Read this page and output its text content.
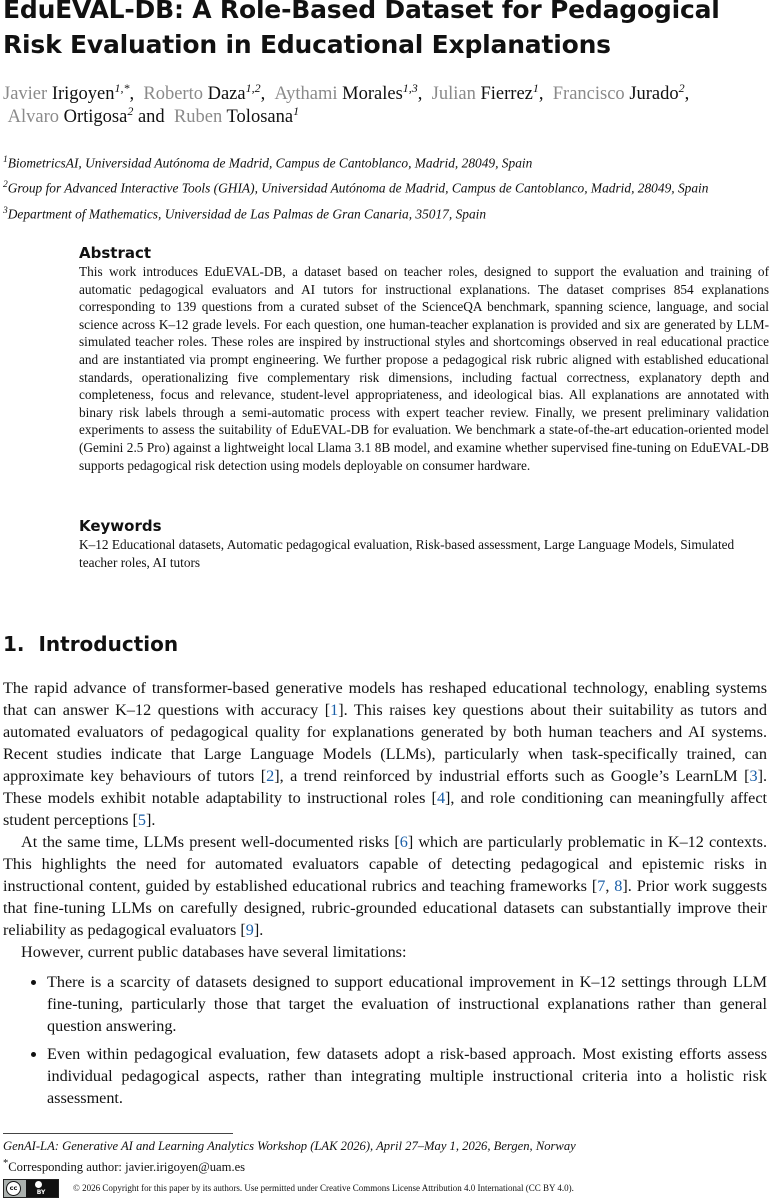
EduEVAL-DB: A Role-Based Dataset for Pedagogical Risk Evaluation in Educational Explanations
Javier Irigoyen$^{1,*}$, Roberto Daza$^{1,2}$, Aythami Morales$^{1,3}$, Julian Fierrez$^1$, Francisco Jurado$^2$,  Alvaro Ortigosa$^2$ and Ruben Tolosana$^1$
$^1$BiometricsAI, Universidad Autónoma de Madrid, Campus de Cantoblanco, Madrid, 28049, Spain
$^2$Group for Advanced Interactive Tools (GHIA), Universidad Autónoma de Madrid, Campus de Cantoblanco, Madrid, 28049, Spain
$^3$Department of Mathematics, Universidad de Las Palmas de Gran Canaria, 35017, Spain
Abstract

This work introduces EduEVAL-DB, a dataset based on teacher roles, designed to support the evaluation and training of automatic pedagogical evaluators and AI tutors for instructional explanations. The dataset comprises 854 explanations corresponding to 139 questions from a curated subset of the ScienceQA benchmark, spanning science, language, and social science across K–12 grade levels. For each question, one human-teacher explanation is provided and six are generated by LLM-simulated teacher roles. These roles are inspired by instructional styles and shortcomings observed in real educational practice and are instantiated via prompt engineering. We further propose a pedagogical risk rubric aligned with established educational standards, operationalizing five complementary risk dimensions, including factual correctness, explanatory depth and completeness, focus and relevance, student-level appropriateness, and ideological bias. All explanations are annotated with binary risk labels through a semi-automatic process with expert teacher review. Finally, we present preliminary validation experiments to assess the suitability of EduEVAL-DB for evaluation. We benchmark a state-of-the-art education-oriented model (Gemini 2.5 Pro) against a lightweight local Llama 3.1 8B model, and examine whether supervised fine-tuning on EduEVAL-DB supports pedagogical risk detection using models deployable on consumer hardware.

Keywords

K–12 Educational datasets, Automatic pedagogical evaluation, Risk-based assessment, Large Language Models, Simulated teacher roles, AI tutors

1. Introduction

The rapid advance of transformer-based generative models has reshaped educational technology, enabling systems that can answer K–12 questions with accuracy [1]. This raises key questions about their suitability as tutors and automated evaluators of pedagogical quality for explanations generated by both human teachers and AI systems. Recent studies indicate that Large Language Models (LLMs), particularly when task-specifically trained, can approximate key behaviours of tutors [2], a trend reinforced by industrial efforts such as Google’s LearnLM [3]. These models exhibit notable adaptability to instructional roles [4], and role conditioning can meaningfully affect student perceptions [5].

At the same time, LLMs present well-documented risks [6] which are particularly problematic in K–12 contexts. This highlights the need for automated evaluators capable of detecting pedagogical and epistemic risks in instructional content, guided by established educational rubrics and teaching frameworks [7, 8]. Prior work suggests that fine-tuning LLMs on carefully designed, rubric-grounded educational datasets can substantially improve their reliability as pedagogical evaluators [9].

However, current public databases have several limitations:

• There is a scarcity of datasets designed to support educational improvement in K–12 settings through LLM fine-tuning, particularly those that target the evaluation of instructional explanations rather than general question answering.
• Even within pedagogical evaluation, few datasets adopt a risk-based approach. Most existing efforts assess individual pedagogical aspects, rather than integrating multiple instructional criteria into a holistic risk assessment.
GenAI-LA: Generative AI and Learning Analytics Workshop (LAK 2026), April 27–May 1, 2026, Bergen, Norway
*Corresponding author: javier.irigoyen@uam.es
cc
BY	© 2026 Copyright for this paper by its authors. Use permitted under Creative Commons License Attribution 4.0 International (CC BY 4.0).
